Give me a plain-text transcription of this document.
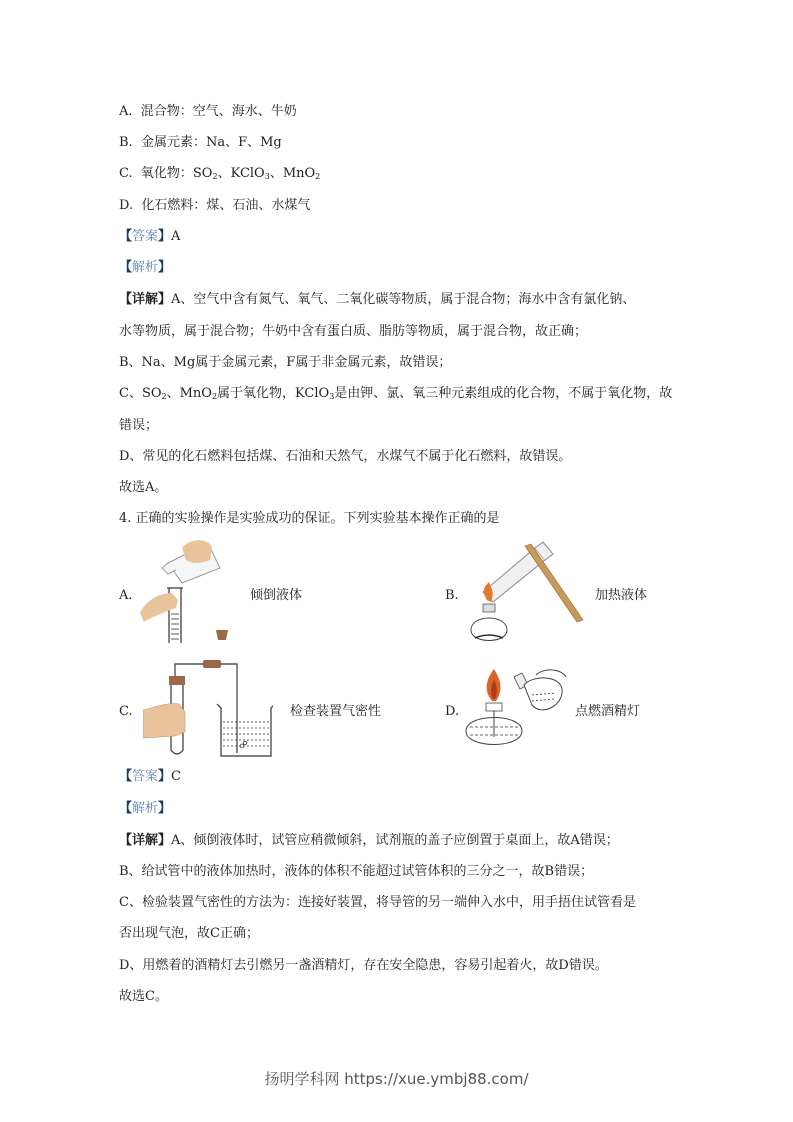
A. 混合物：空气、海水、牛奶
B. 金属元素：Na、F、Mg
C. 氧化物：$SO_2$、KClO$_3$、MnO$_2$
D. 化石燃料：煤、石油、水煤气
【答案】A
【解析】
【详解】A、空气中含有氮气、氧气、二氧化碳等物质，属于混合物；海水中含有氯化钠、
水等物质，属于混合物；牛奶中含有蛋白质、脂肪等物质，属于混合物，故正确；
B、Na、Mg属于金属元素，F属于非金属元素，故错误；
C、$SO_2$、MnO$_2$属于氧化物，KClO$_3$是由钾、氯、氧三种元素组成的化合物，不属于氧化物，故
错误；
D、常见的化石燃料包括煤、石油和天然气，水煤气不属于化石燃料，故错误。
故选A。
4. 正确的实验操作是实验成功的保证。下列实验基本操作正确的是
A.	倾倒液体	B.	加热液体
C.	检查装置气密性	D.	点燃酒精灯
【答案】C
【解析】
【详解】A、倾倒液体时，试管应稍微倾斜，试剂瓶的盖子应倒置于桌面上，故A错误；
B、给试管中的液体加热时，液体的体积不能超过试管体积的三分之一，故B错误；
C、检验装置气密性的方法为：连接好装置，将导管的另一端伸入水中，用手捂住试管看是
否出现气泡，故C正确；
D、用燃着的酒精灯去引燃另一盏酒精灯，存在安全隐患，容易引起着火，故D错误。
故选C。
扬明学科网 https://xue.ymbj88.com/
